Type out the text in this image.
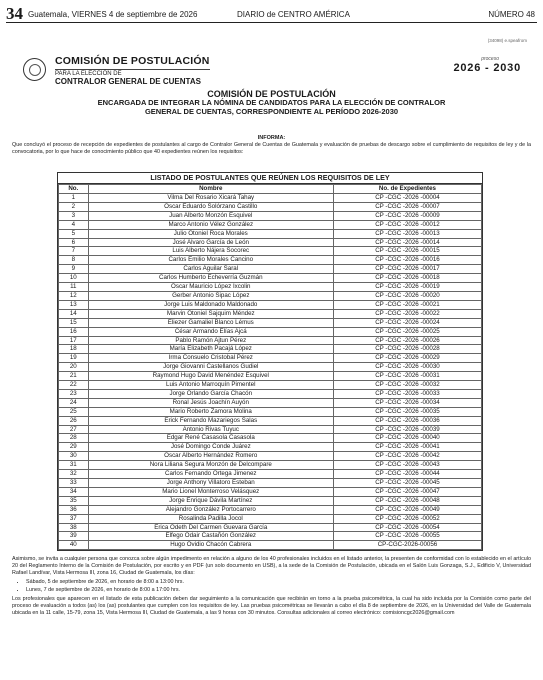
34 Guatemala, VIERNES 4 de septiembre de 2026	DIARIO de CENTRO AMÉRICA	NÚMERO 48
(34098) e.speafrom
COMISIÓN DE POSTULACIÓN
PARA LA ELECCIÓN DE
CONTRALOR GENERAL DE CUENTAS
proceso
2026 - 2030
COMISIÓN DE POSTULACIÓN
ENCARGADA DE INTEGRAR LA NÓMINA DE CANDIDATOS PARA LA ELECCIÓN DE CONTRALOR GENERAL DE CUENTAS, CORRESPONDIENTE AL PERÍODO 2026-2030
INFORMA:
Que concluyó el proceso de recepción de expedientes de postulantes al cargo de Contralor General de Cuentas de Guatemala y evaluación de pruebas de descargo sobre el cumplimiento de requisitos de ley y de la convocatoria, por lo que hace de conocimiento público que 40 expedientes reúnen los requisitos:
LISTADO DE POSTULANTES QUE REÚNEN LOS REQUISITOS DE LEY
No.	Nombre	No. de Expedientes
1	Vilma Del Rosario Xicará Tahay	CP -CGC -2026 -00004
2	Oscar Eduardo Solórzano Castillo	CP -CGC -2026 -00007
3	Juan Alberto Monzón Esquivel	CP -CGC -2026 -00009
4	Marco Antonio Vélez González	CP -CGC -2026 -00012
5	Julio Otoniel Roca Morales	CP -CGC -2026 -00013
6	José Alvaro García de León	CP -CGC -2026 -00014
7	Luis Alberto Nájera Socorec	CP -CGC -2026 -00015
8	Carlos Emilio Morales Cancino	CP -CGC -2026 -00016
9	Carlos Aguilar Saral	CP -CGC -2026 -00017
10	Carlos Humberto Echeverría Guzmán	CP -CGC -2026 -00018
11	Oscar Mauricio López Ixcolin	CP -CGC -2026 -00019
12	Gerber Antonio Sipac López	CP -CGC -2026 -00020
13	Jorge Luis Maldonado Maldonado	CP -CGC -2026 -00021
14	Marvin Otoniel Sajquim Méndez	CP -CGC -2026 -00022
15	Eliezer Gamaliel Blanco Lémus	CP -CGC -2026 -00024
16	César Armando Elías Ajcá	CP -CGC -2026 -00025
17	Pablo Ramón Ajtun Pérez	CP -CGC -2026 -00026
18	María Elizabeth Pacajá López	CP -CGC -2026 -00028
19	Irma Consuelo Cristobal Pérez	CP -CGC -2026 -00029
20	Jorge Giovanni Castellanos Gudiel	CP -CGC -2026 -00030
21	Raymond Hugo David Menéndez Esquivel	CP -CGC -2026 -00031
22	Luis Antonio Marroquín Pimentel	CP -CGC -2026 -00032
23	Jorge Orlando García Chacón	CP -CGC -2026 -00033
24	Ronal Jesús Joachín Auyón	CP -CGC -2026 -00034
25	Mario Roberto Zamora Molina	CP -CGC -2026 -00035
26	Erick Fernando Mazariegos Salas	CP -CGC -2026 -00036
27	Antonio Rivas Tuyuc	CP -CGC -2026 -00039
28	Edgar René Casasola Casasola	CP -CGC -2026 -00040
29	José Domingo Conde Juárez	CP -CGC -2026 -00041
30	Oscar Alberto Hernández Romero	CP -CGC -2026 -00042
31	Nora Liliana Segura Monzón de Delcompare	CP -CGC -2026 -00043
32	Carlos Fernando Ortega Jimenez	CP -CGC -2026 -00044
33	Jorge Anthony Villatoro Esteban	CP -CGC -2026 -00045
34	Mario Lionel Monterroso Velásquez	CP -CGC -2026 -00047
35	Jorge Enrique Dávila Martínez	CP -CGC -2026 -00048
36	Alejandro González Portocarrero	CP -CGC -2026 -00049
37	Rosalinda Padilla Jocol	CP -CGC -2026 -00052
38	Erica Odeth Del Carmen Guevara García	CP -CGC -2026 -00054
39	Elfego Odair Castañón González	CP -CGC -2026 -00055
40	Hugo Ovidio Chacón Cabrera	CP-CGC-2026-00056

Asimismo, se invita a cualquier persona que conozca sobre algún impedimento en relación a alguno de los 40 profesionales incluidos en el listado anterior, la presenten de conformidad con lo establecido en el artículo 20 del Reglamento Interno de la Comisión de Postulación, por escrito y en PDF (un solo documento en USB), a la sede de la Comisión de Postulación, ubicada en el Salón Luis Gonzaga, S.J., Edificio V, Universidad Rafael Landívar, Vista Hermosa III, zona 16, Ciudad de Guatemala, los días:

• Sábado, 5 de septiembre de 2026, en horario de 8:00 a 13:00 hrs.
• Lunes, 7 de septiembre de 2026, en horario de 8:00 a 17:00 hrs.

Los profesionales que aparecen en el listado de esta publicación deben dar seguimiento a la comunicación que recibirán en torno a la prueba psicométrica, la cual ha sido incluida por la Comisión como parte del proceso de evaluación a todos (as) los (as) postulantes que cumplen con los requisitos de ley. Las pruebas psicométricas se llevarán a cabo el día 8 de septiembre de 2026, en la Universidad del Valle de Guatemala ubicada en la 11 calle, 15-79, zona 15, Vista Hermosa III, Ciudad de Guatemala, a las 9 horas con 30 minutos. Consultas adicionales al correo electrónico: comisioncgc2026@gmail.com
